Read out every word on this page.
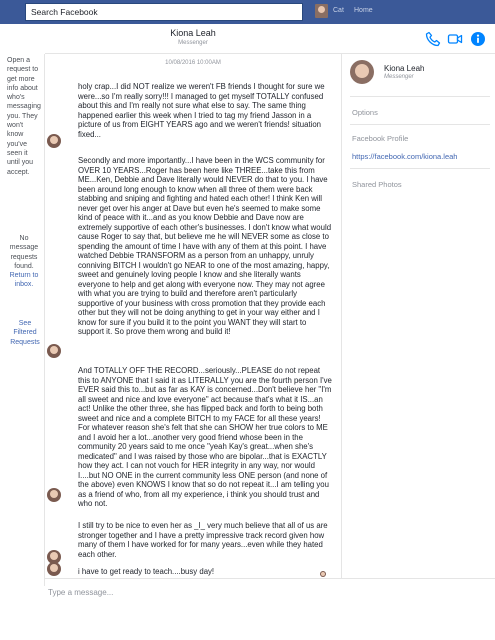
Search Facebook
Cat Home
Kiona Leah
Messenger
Open a request to get more info about who's messaging you. They won't know you've seen it until you accept.
No message requests found. Return to inbox.
See Filtered Requests
10/08/2016 10:00AM
holy crap...I did NOT realize we weren't FB friends I thought for sure we were...so I'm really sorry!!! I managed to get myself TOTALLY confused about this and I'm really not sure what else to say. The same thing happened earlier this week when I tried to tag my friend Jasson in a picture of us from EIGHT YEARS ago and we weren't friends! situation fixed...
Secondly and more importantly...I have been in the WCS community for OVER 10 YEARS...Roger has been here like THREE...take this from ME...Ken, Debbie and Dave literally would NEVER do that to you. I have been around long enough to know when all three of them were back stabbing and sniping and fighting and hated each other! I think Ken will never get over his anger at Dave but even he's seemed to make some kind of peace with it...and as you know Debbie and Dave now are extremely supportive of each other's businesses. I don't know what would cause Roger to say that, but believe me he will NEVER some as close to spending the amount of time I have with any of them at this point. I have watched Debbie TRANSFORM as a person from an unhappy, unruly conniving BITCH I wouldn't go NEAR to one of the most amazing, happy, sweet and genuinely loving people I know and she literally wants everyone to help and get along with everyone now. They may not agree with what you are trying to build and therefore aren't particularly supportive of your business with cross promotion that they provide each other but they will not be doing anything to get in your way either and I know for sure if you build it to the point you WANT they will start to support it. So prove them wrong and build it!
And TOTALLY OFF THE RECORD...seriously...PLEASE do not repeat this to ANYONE that I said it as LITERALLY you are the fourth person I've EVER said this to...but as far as KAY is concerned...Don't believe her "I'm all sweet and nice and love everyone" act because that's what it IS...an act! Unlike the other three, she has flipped back and forth to being both sweet and nice and a complete BITCH to my FACE for all these years! For whatever reason she's felt that she can SHOW her true colors to ME and I avoid her a lot...another very good friend whose been in the community 20 years said to me once "yeah Kay's great...when she's medicated" and I was raised by those who are bipolar...that is EXACTLY how they act. I can not vouch for HER integrity in any way, nor would I....but NO ONE in the current community less ONE person (and none of the above) even KNOWS I know that so do not repeat it...I am telling you as a friend of who, from all my experience, i think you should trust and who not.
I still try to be nice to even her as _I_ very much believe that all of us are stronger together and I have a pretty impressive track record given how many of them I have worked for for many years...even while they hated each other.
i have to get ready to teach....busy day!
Type a message...
Kiona Leah
Messenger
Options
Facebook Profile
https://facebook.com/kiona.leah
Shared Photos
